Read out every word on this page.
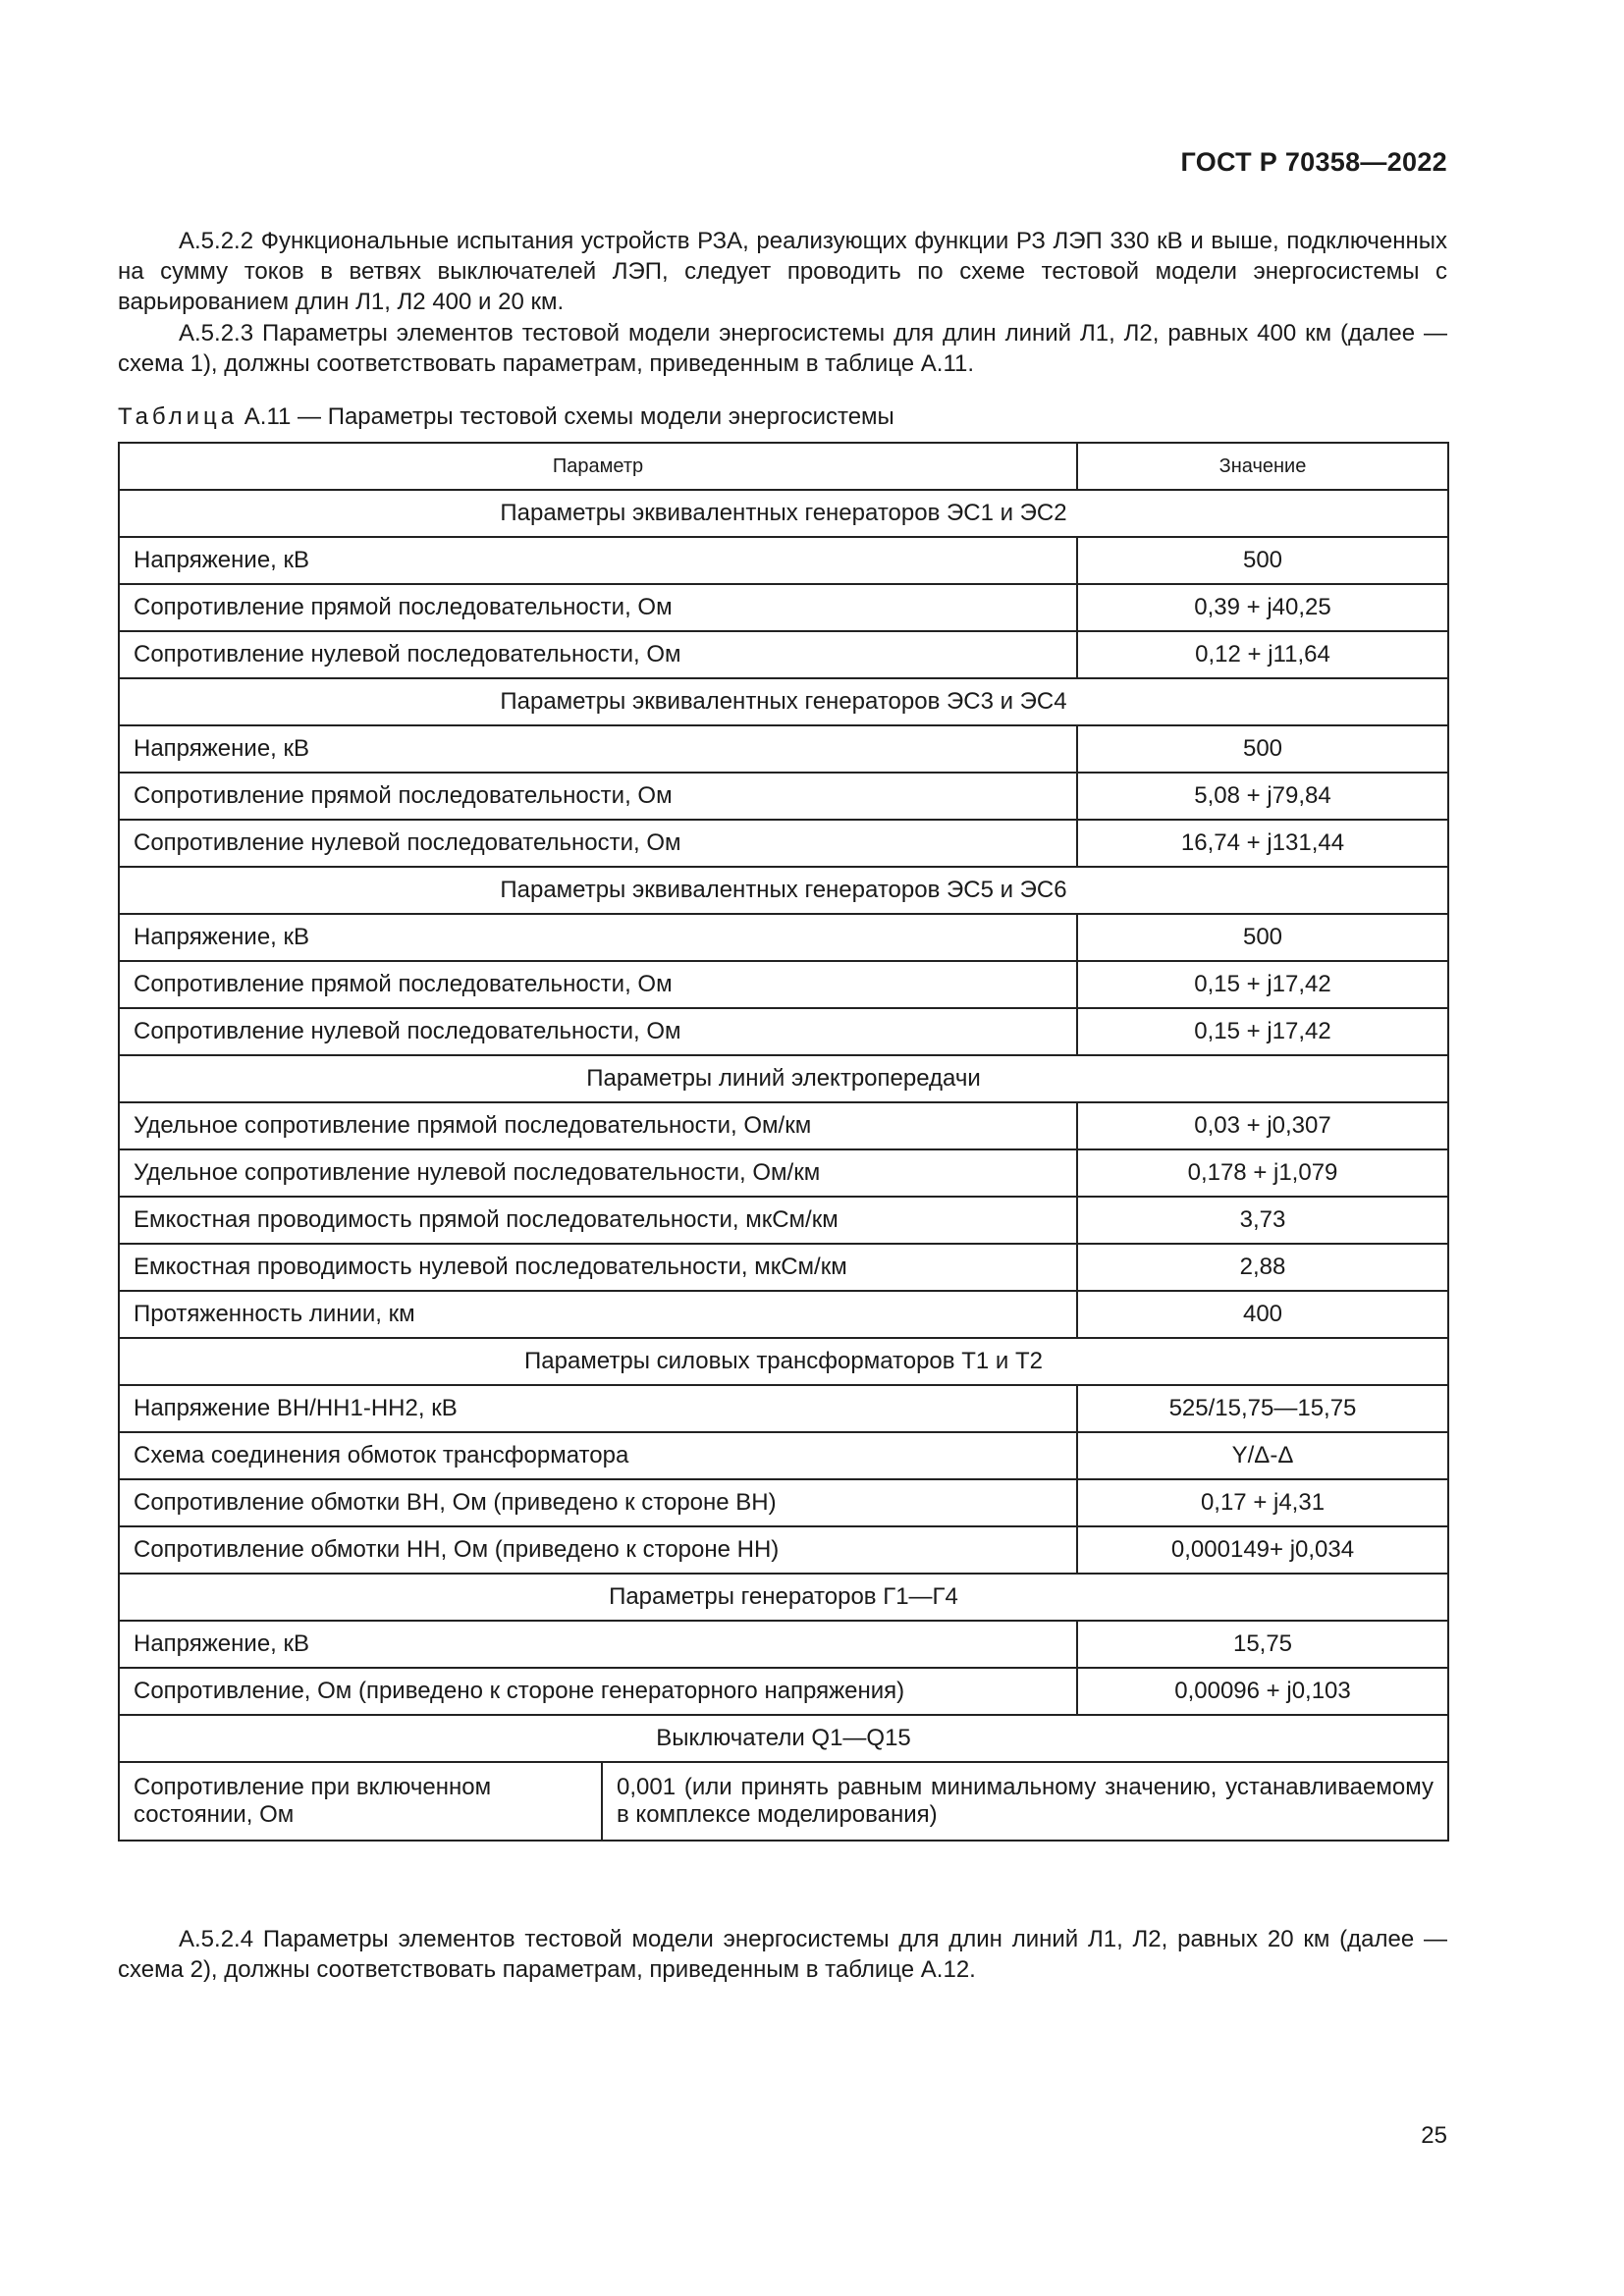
ГОСТ Р 70358—2022

А.5.2.2 Функциональные испытания устройств РЗА, реализующих функции РЗ ЛЭП 330 кВ и выше, подключенных на сумму токов в ветвях выключателей ЛЭП, следует проводить по схеме тестовой модели энергосистемы с варьированием длин Л1, Л2 400 и 20 км.

А.5.2.3 Параметры элементов тестовой модели энергосистемы для длин линий Л1, Л2, равных 400 км (далее — схема 1), должны соответствовать параметрам, приведенным в таблице А.11.

Таблица А.11 — Параметры тестовой схемы модели энергосистемы
Параметр		Значение
Параметры эквивалентных генераторов ЭС1 и ЭС2		
Напряжение, кВ		500
Сопротивление прямой последовательности, Ом		0,39 + j40,25
Сопротивление нулевой последовательности, Ом		0,12 + j11,64
Параметры эквивалентных генераторов ЭС3 и ЭС4		
Напряжение, кВ		500
Сопротивление прямой последовательности, Ом		5,08 + j79,84
Сопротивление нулевой последовательности, Ом		16,74 + j131,44
Параметры эквивалентных генераторов ЭС5 и ЭС6		
Напряжение, кВ		500
Сопротивление прямой последовательности, Ом		0,15 + j17,42
Сопротивление нулевой последовательности, Ом		0,15 + j17,42
Параметры линий электропередачи		
Удельное сопротивление прямой последовательности, Ом/км		0,03 + j0,307
Удельное сопротивление нулевой последовательности, Ом/км		0,178 + j1,079
Емкостная проводимость прямой последовательности, мкСм/км		3,73
Емкостная проводимость нулевой последовательности, мкСм/км		2,88
Протяженность линии, км		400
Параметры силовых трансформаторов Т1 и Т2		
Напряжение ВН/НН1-НН2, кВ		525/15,75—15,75
Схема соединения обмоток трансформатора		Y/Δ-Δ
Сопротивление обмотки ВН, Ом (приведено к стороне ВН)		0,17 + j4,31
Сопротивление обмотки НН, Ом (приведено к стороне НН)		0,000149+ j0,034
Параметры генераторов Г1—Г4		
Напряжение, кВ		15,75
Сопротивление, Ом (приведено к стороне генераторного напряжения)		0,00096 + j0,103
Выключатели Q1—Q15		
Сопротивление при включенном состоянии, Ом	0,001 (или принять равным минимальному значению, устанавливаемому в комплексе моделирования)	

А.5.2.4 Параметры элементов тестовой модели энергосистемы для длин линий Л1, Л2, равных 20 км (далее — схема 2), должны соответствовать параметрам, приведенным в таблице А.12.

25
